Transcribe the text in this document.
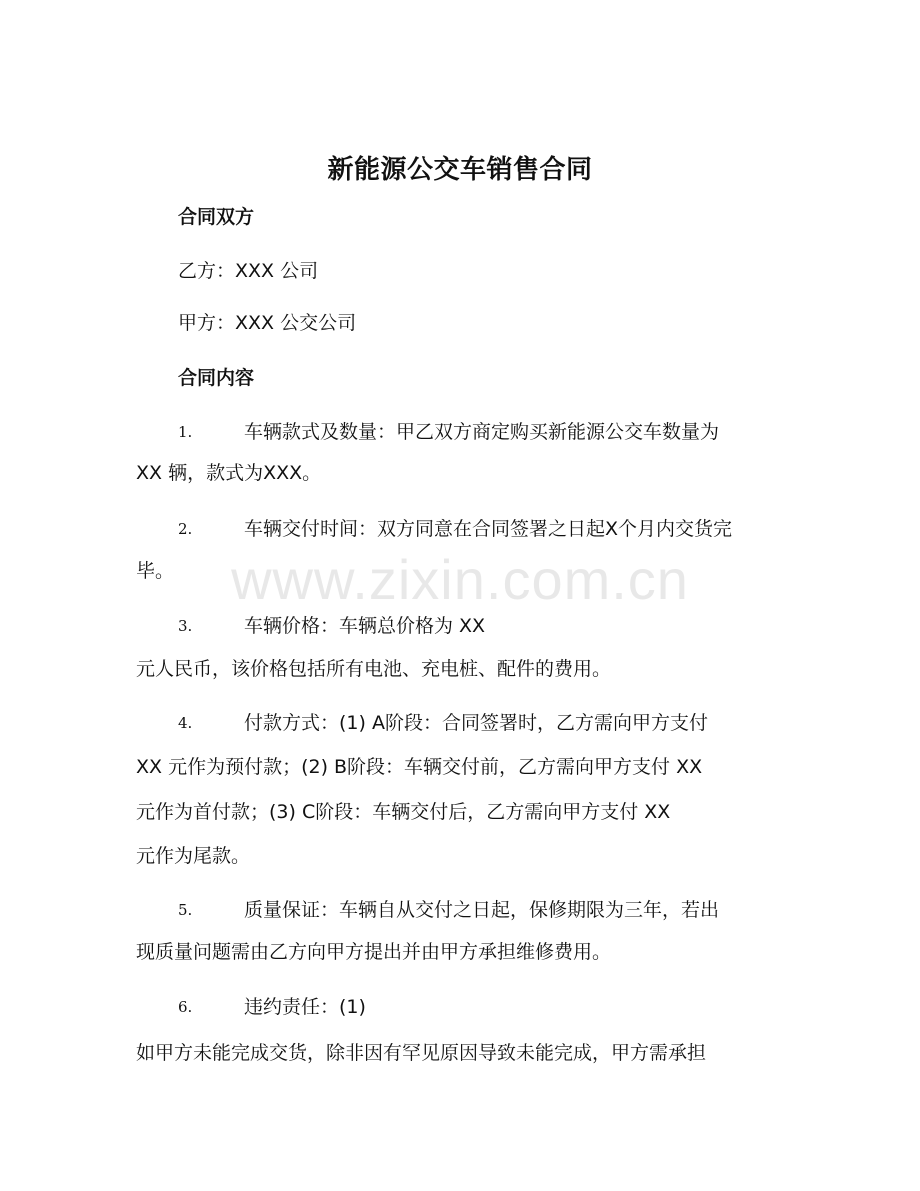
新能源公交车销售合同
合同双方
乙方：XXX 公司
甲方：XXX 公交公司
合同内容
1.	车辆款式及数量：甲乙双方商定购买新能源公交车数量为
XX 辆，款式为XXX。
2.	车辆交付时间：双方同意在合同签署之日起X个月内交货完
毕。
3.	车辆价格：车辆总价格为 XX
元人民币，该价格包括所有电池、充电桩、配件的费用。
4.	付款方式：(1) A阶段：合同签署时，乙方需向甲方支付
XX 元作为预付款；(2) B阶段：车辆交付前，乙方需向甲方支付 XX
元作为首付款；(3) C阶段：车辆交付后，乙方需向甲方支付 XX
元作为尾款。
5.	质量保证：车辆自从交付之日起，保修期限为三年，若出
现质量问题需由乙方向甲方提出并由甲方承担维修费用。
6.	违约责任：(1)
如甲方未能完成交货，除非因有罕见原因导致未能完成，甲方需承担
www.zixin.com.cn
